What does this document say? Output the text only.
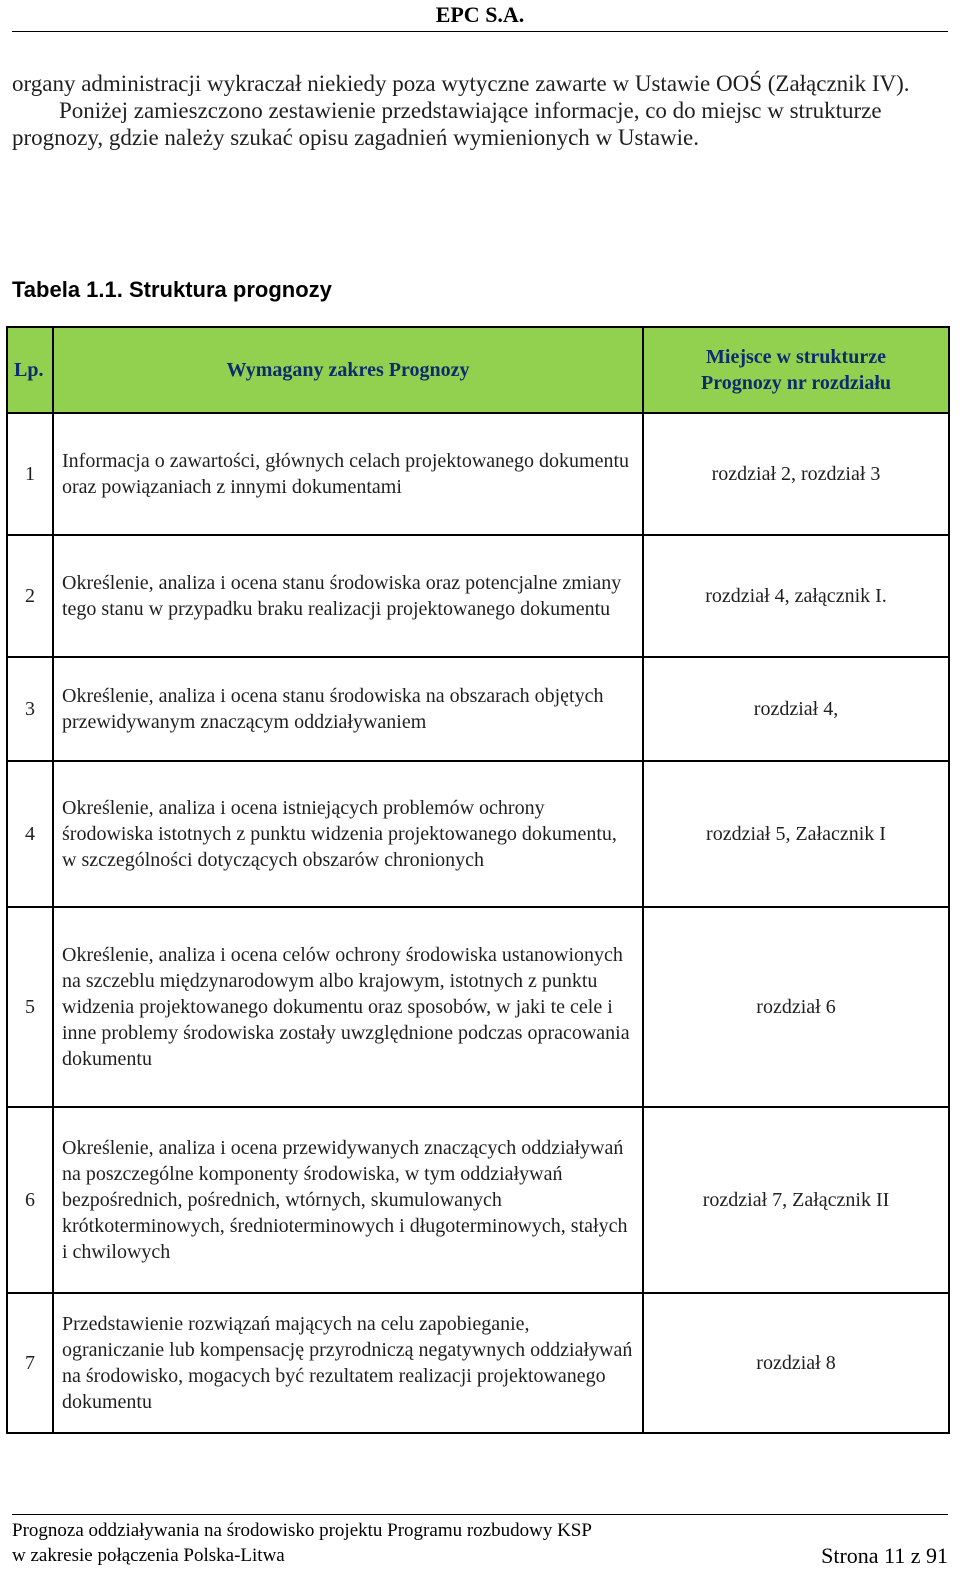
EPC S.A.

organy administracji wykraczał niekiedy poza wytyczne zawarte w Ustawie OOŚ (Załącznik IV).

Poniżej zamieszczono zestawienie przedstawiające informacje, co do miejsc w strukturze prognozy, gdzie należy szukać opisu zagadnień wymienionych w Ustawie.

Tabela 1.1. Struktura prognozy
Lp.	Wymagany zakres Prognozy	Miejsce w strukturze Prognozy nr rozdziału
1	Informacja o zawartości, głównych celach projektowanego dokumentu oraz powiązaniach z innymi dokumentami	rozdział 2, rozdział 3
2	Określenie, analiza i ocena stanu środowiska oraz potencjalne zmiany tego stanu w przypadku braku realizacji projektowanego dokumentu	rozdział 4, załącznik I.
3	Określenie, analiza i ocena stanu środowiska na obszarach objętych przewidywanym znaczącym oddziaływaniem	rozdział 4,
4	Określenie, analiza i ocena istniejących problemów ochrony środowiska istotnych z punktu widzenia projektowanego dokumentu, w szczególności dotyczących obszarów chronionych	rozdział 5, Załacznik I
5	Określenie, analiza i ocena celów ochrony środowiska ustanowionych na szczeblu międzynarodowym albo krajowym, istotnych z punktu widzenia projektowanego dokumentu oraz sposobów, w jaki te cele i inne problemy środowiska zostały uwzględnione podczas opracowania dokumentu	rozdział 6
6	Określenie, analiza i ocena przewidywanych znaczących oddziaływań na poszczególne komponenty środowiska, w tym oddziaływań bezpośrednich, pośrednich, wtórnych, skumulowanych krótkoterminowych, średnioterminowych i długoterminowych, stałych i chwilowych	rozdział 7, Załącznik II
7	Przedstawienie rozwiązań mających na celu zapobieganie, ograniczanie lub kompensację przyrodniczą negatywnych oddziaływań na środowisko, mogacych być rezultatem realizacji projektowanego dokumentu	rozdział 8
Prognoza oddziaływania na środowisko projektu Programu rozbudowy KSP
w zakresie połączenia Polska-Litwa	Strona 11 z 91
